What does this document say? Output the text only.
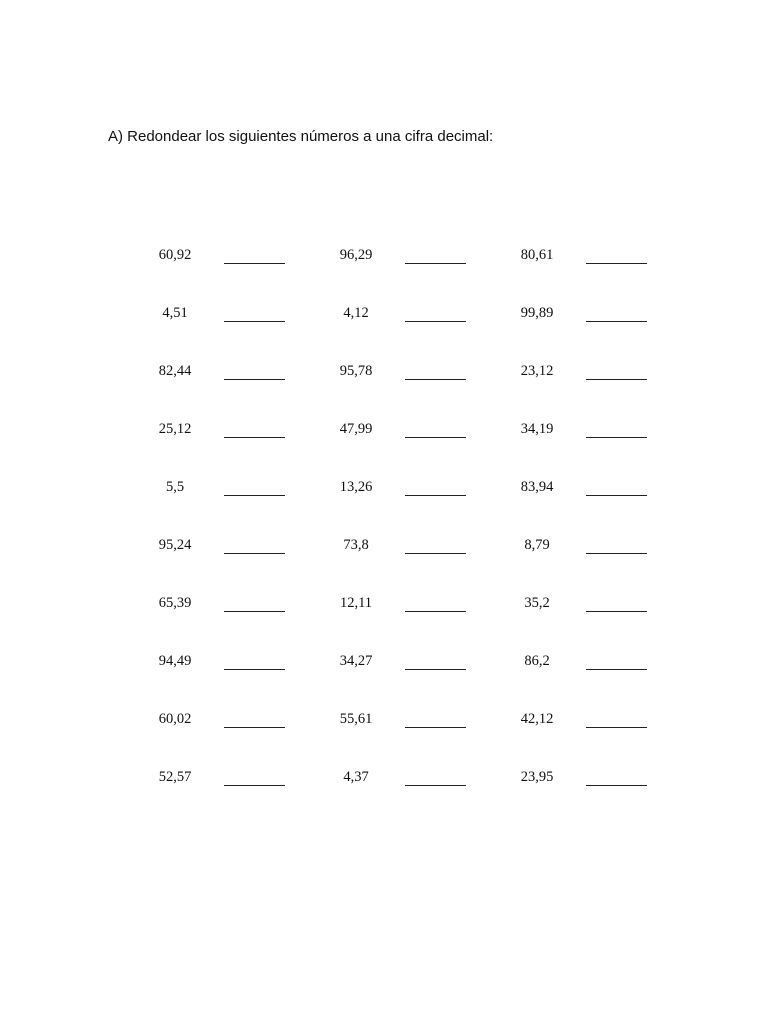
A) Redondear los siguientes números a una cifra decimal:

60,92	96,29	80,61
4,51	4,12	99,89
82,44	95,78	23,12
25,12	47,99	34,19
5,5	13,26	83,94
95,24	73,8	8,79
65,39	12,11	35,2
94,49	34,27	86,2
60,02	55,61	42,12
52,57	4,37	23,95
